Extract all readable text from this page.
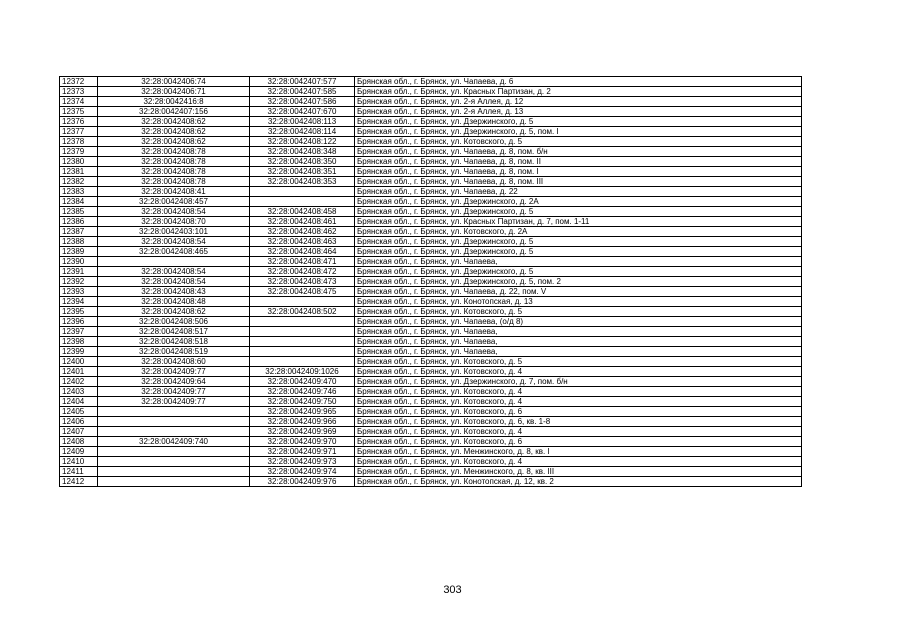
12372	32:28:0042406:74	32:28:0042407:577	Брянская обл., г. Брянск, ул. Чапаева, д. 6
12373	32:28:0042406:71	32:28:0042407:585	Брянская обл., г. Брянск, ул. Красных Партизан, д. 2
12374	32:28:0042416:8	32:28:0042407:586	Брянская обл., г. Брянск, ул. 2-я Аллея, д. 12
12375	32:28:0042407:156	32:28:0042407:670	Брянская обл., г. Брянск, ул. 2-я Аллея, д. 13
12376	32:28:0042408:62	32:28:0042408:113	Брянская обл., г. Брянск, ул. Дзержинского, д. 5
12377	32:28:0042408:62	32:28:0042408:114	Брянская обл., г. Брянск, ул. Дзержинского, д. 5, пом. I
12378	32:28:0042408:62	32:28:0042408:122	Брянская обл., г. Брянск, ул. Котовского, д. 5
12379	32:28:0042408:78	32:28:0042408:348	Брянская обл., г. Брянск, ул. Чапаева, д. 8, пом. б/н
12380	32:28:0042408:78	32:28:0042408:350	Брянская обл., г. Брянск, ул. Чапаева, д. 8, пом. II
12381	32:28:0042408:78	32:28:0042408:351	Брянская обл., г. Брянск, ул. Чапаева, д. 8, пом. I
12382	32:28:0042408:78	32:28:0042408:353	Брянская обл., г. Брянск, ул. Чапаева, д. 8, пом. III
12383	32:28:0042408:41		Брянская обл., г. Брянск, ул. Чапаева, д. 22
12384	32:28:0042408:457		Брянская обл., г. Брянск, ул. Дзержинского, д. 2А
12385	32:28:0042408:54	32:28:0042408:458	Брянская обл., г. Брянск, ул. Дзержинского, д. 5
12386	32:28:0042408:70	32:28:0042408:461	Брянская обл., г. Брянск, ул. Красных Партизан, д. 7, пом. 1-11
12387	32:28:0042403:101	32:28:0042408:462	Брянская обл., г. Брянск, ул. Котовского, д. 2А
12388	32:28:0042408:54	32:28:0042408:463	Брянская обл., г. Брянск, ул. Дзержинского, д. 5
12389	32:28:0042408:465	32:28:0042408:464	Брянская обл., г. Брянск, ул. Дзержинского, д. 5
12390		32:28:0042408:471	Брянская обл., г. Брянск, ул. Чапаева,
12391	32:28:0042408:54	32:28:0042408:472	Брянская обл., г. Брянск, ул. Дзержинского, д. 5
12392	32:28:0042408:54	32:28:0042408:473	Брянская обл., г. Брянск, ул. Дзержинского, д. 5, пом. 2
12393	32:28:0042408:43	32:28:0042408:475	Брянская обл., г. Брянск, ул. Чапаева, д. 22, пом. V
12394	32:28:0042408:48		Брянская обл., г. Брянск, ул. Конотопская, д. 13
12395	32:28:0042408:62	32:28:0042408:502	Брянская обл., г. Брянск, ул. Котовского, д. 5
12396	32:28:0042408:506		Брянская обл., г. Брянск, ул. Чапаева, (о/д 8)
12397	32:28:0042408:517		Брянская обл., г. Брянск, ул. Чапаева,
12398	32:28:0042408:518		Брянская обл., г. Брянск, ул. Чапаева,
12399	32:28:0042408:519		Брянская обл., г. Брянск, ул. Чапаева,
12400	32:28:0042408:60		Брянская обл., г. Брянск, ул. Котовского, д. 5
12401	32:28:0042409:77	32:28:0042409:1026	Брянская обл., г. Брянск, ул. Котовского, д. 4
12402	32:28:0042409:64	32:28:0042409:470	Брянская обл., г. Брянск, ул. Дзержинского, д. 7, пом. б/н
12403	32:28:0042409:77	32:28:0042409:746	Брянская обл., г. Брянск, ул. Котовского, д. 4
12404	32:28:0042409:77	32:28:0042409:750	Брянская обл., г. Брянск, ул. Котовского, д. 4
12405		32:28:0042409:965	Брянская обл., г. Брянск, ул. Котовского, д. 6
12406		32:28:0042409:966	Брянская обл., г. Брянск, ул. Котовского, д. 6, кв. 1-8
12407		32:28:0042409:969	Брянская обл., г. Брянск, ул. Котовского, д. 4
12408	32:28:0042409:740	32:28:0042409:970	Брянская обл., г. Брянск, ул. Котовского, д. 6
12409		32:28:0042409:971	Брянская обл., г. Брянск, ул. Менжинского, д. 8, кв. I
12410		32:28:0042409:973	Брянская обл., г. Брянск, ул. Котовского, д. 4
12411		32:28:0042409:974	Брянская обл., г. Брянск, ул. Менжинского, д. 8, кв. III
12412		32:28:0042409:976	Брянская обл., г. Брянск, ул. Конотопская, д. 12, кв. 2
303
